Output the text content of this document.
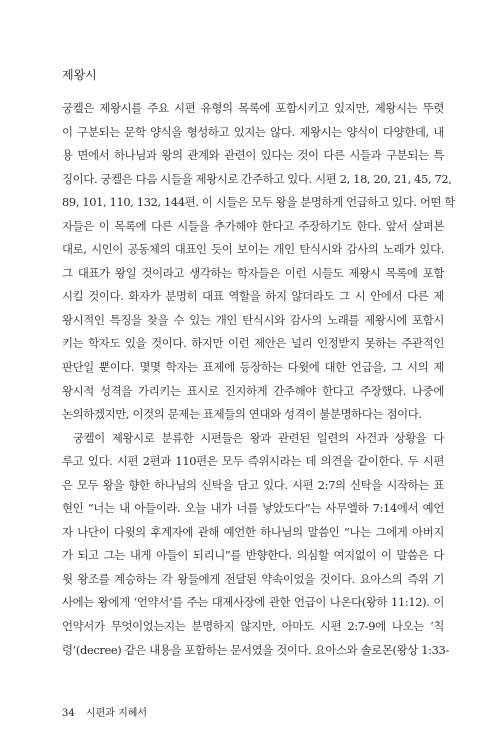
제왕시
궁켈은 제왕시를 주요 시편 유형의 목록에 포함시키고 있지만, 제왕시는 뚜렷
이 구분되는 문학 양식을 형성하고 있지는 않다. 제왕시는 양식이 다양한데, 내
용 면에서 하나님과 왕의 관계와 관련이 있다는 것이 다른 시들과 구분되는 특
징이다. 궁켈은 다음 시들을 제왕시로 간주하고 있다. 시편 2, 18, 20, 21, 45, 72,
89, 101, 110, 132, 144편. 이 시들은 모두 왕을 분명하게 언급하고 있다. 어떤 학
자들은 이 목록에 다른 시들을 추가해야 한다고 주장하기도 한다. 앞서 살펴본
대로, 시인이 공동체의 대표인 듯이 보이는 개인 탄식시와 감사의 노래가 있다.
그 대표가 왕일 것이라고 생각하는 학자들은 이런 시들도 제왕시 목록에 포함
시킬 것이다. 화자가 분명히 대표 역할을 하지 않더라도 그 시 안에서 다른 제
왕시적인 특징을 찾을 수 있는 개인 탄식시와 감사의 노래를 제왕시에 포함시
키는 학자도 있을 것이다. 하지만 이런 제안은 널리 인정받지 못하는 주관적인
판단일 뿐이다. 몇몇 학자는 표제에 등장하는 다윗에 대한 언급을, 그 시의 제
왕시적 성격을 가리키는 표시로 진지하게 간주해야 한다고 주장했다. 나중에
논의하겠지만, 이것의 문제는 표제들의 연대와 성격이 불분명하다는 점이다.
궁켈이 제왕시로 분류한 시편들은 왕과 관련된 일련의 사건과 상황을 다
루고 있다. 시편 2편과 110편은 모두 즉위시라는 데 의견을 같이한다. 두 시편
은 모두 왕을 향한 하나님의 신탁을 담고 있다. 시편 2:7의 신탁을 시작하는 표
현인 “너는 내 아들이라. 오늘 내가 너를 낳았도다”는 사무엘하 7:14에서 예언
자 나단이 다윗의 후계자에 관해 예언한 하나님의 말씀인 “나는 그에게 아버지
가 되고 그는 내게 아들이 되리니”를 반향한다. 의심할 여지없이 이 말씀은 다
윗 왕조를 계승하는 각 왕들에게 전달된 약속이었을 것이다. 요아스의 즉위 기
사에는 왕에게 ‘언약서’를 주는 대제사장에 관한 언급이 나온다(왕하 11:12). 이
언약서가 무엇이었는지는 분명하지 않지만, 아마도 시편 2:7-9에 나오는 ‘칙
령’(decree) 같은 내용을 포함하는 문서였을 것이다. 요아스와 솔로몬(왕상 1:33-
34 시편과 지혜서
